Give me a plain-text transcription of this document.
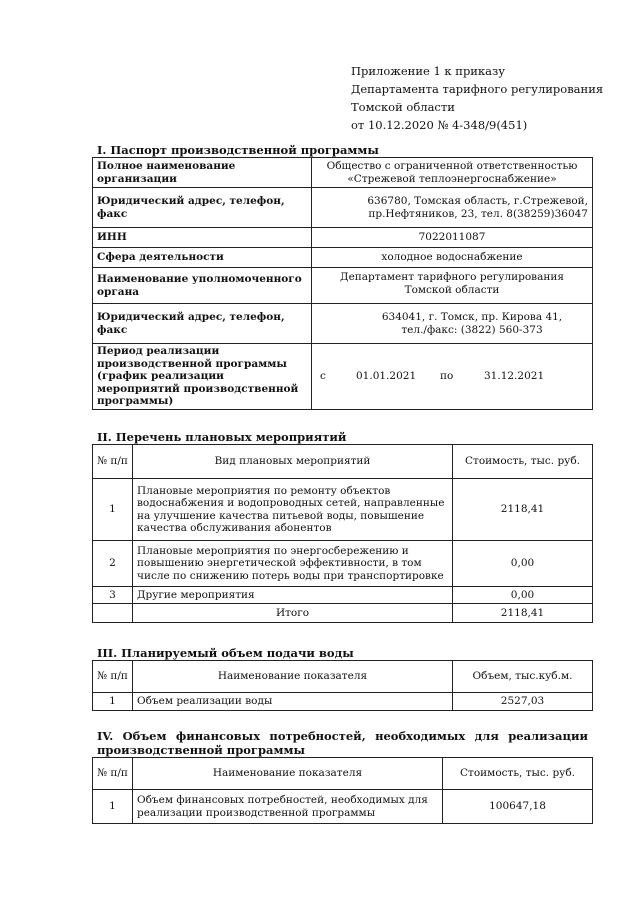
Приложение 1 к приказу
Департамента тарифного регулирования
Томской области
от 10.12.2020 № 4-348/9(451)
I. Паспорт производственной программы
Полное наименование организации	Общество с ограниченной ответственностью
«Стрежевой теплоэнергоснабжение»

Юридический адрес, телефон, факс	636780, Томская область, г.Стрежевой,
пр.Нефтяников, 23, тел. 8(38259)36047

ИНН	7022011087
Сфера деятельности	холодное водоснабжение
Наименование уполномоченного органа	Департамент тарифного регулирования
Томской области

Юридический адрес, телефон, факс	634041, г. Томск, пр. Кирова 41,
тел./факс: (3822) 560-373

Период реализации производственной программы (график реализации мероприятий производственной программы)	с 01.01.2021 по 31.12.2021
II. Перечень плановых мероприятий
№ п/п	Вид плановых мероприятий	Стоимость, тыс. руб.
1	Плановые мероприятия по ремонту объектов водоснабжения и водопроводных сетей, направленные на улучшение качества питьевой воды, повышение качества обслуживания абонентов	2118,41
2	Плановые мероприятия по энергосбережению и повышению энергетической эффективности, в том числе по снижению потерь воды при транспортировке	0,00
3	Другие мероприятия	0,00
	Итого	2118,41
III. Планируемый объем подачи воды
№ п/п	Наименование показателя	Объем, тыс.куб.м.
1	Объем реализации воды	2527,03
IV. Объем финансовых потребностей, необходимых для реализации
производственной программы
№ п/п	Наименование показателя	Стоимость, тыс. руб.
1	Объем финансовых потребностей, необходимых для реализации производственной программы	100647,18
